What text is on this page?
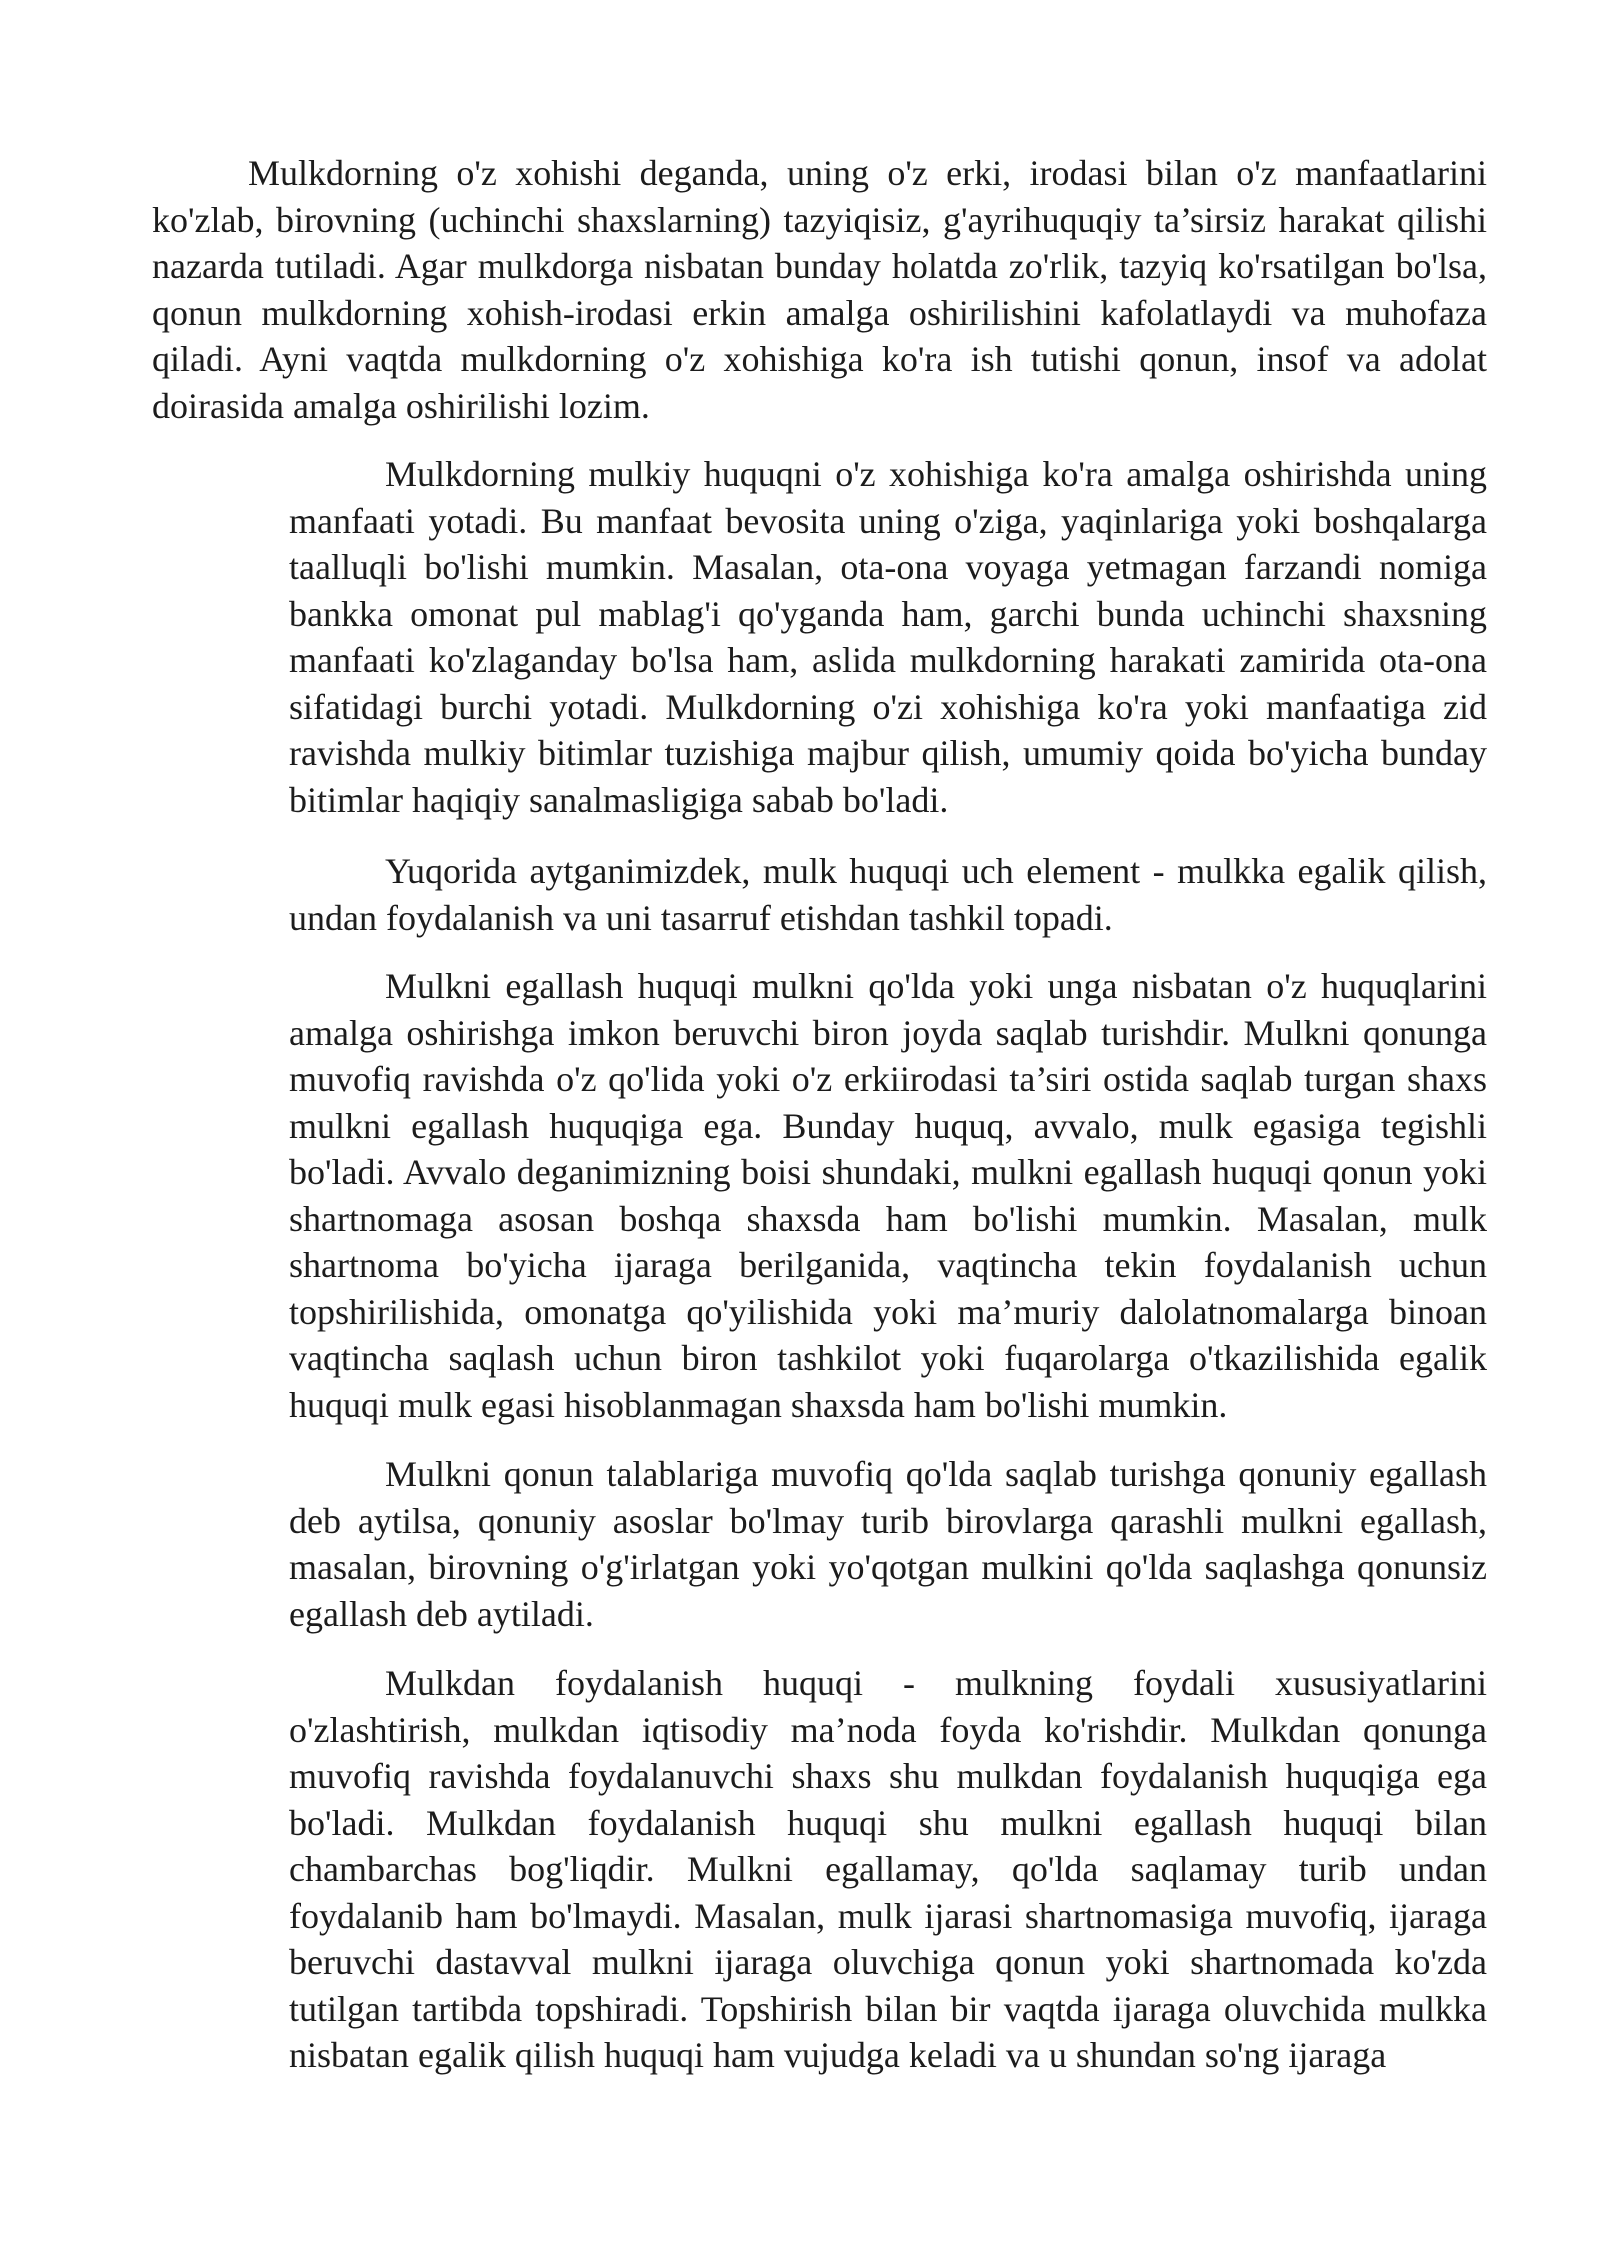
Mulkdorning o'z xohishi deganda, uning o'z erki, irodasi bilan o'z manfaatlarini ko'zlab, birovning (uchinchi shaxslarning) tazyiqisiz, g'ayrihuquqiy ta’sirsiz harakat qilishi nazarda tutiladi. Agar mulkdorga nisbatan bunday holatda zo'rlik, tazyiq ko'rsatilgan bo'lsa, qonun mulkdorning xohish-irodasi erkin amalga oshirilishini kafolatlaydi va muhofaza qiladi. Ayni vaqtda mulkdorning o'z xohishiga ko'ra ish tutishi qonun, insof va adolat doirasida amalga oshirilishi lozim.

Mulkdorning mulkiy huquqni o'z xohishiga ko'ra amalga oshirishda uning manfaati yotadi. Bu manfaat bevosita uning o'ziga, yaqinlariga yoki boshqalarga taalluqli bo'lishi mumkin. Masalan, ota-ona voyaga yetmagan farzandi nomiga bankka omonat pul mablag'i qo'yganda ham, garchi bunda uchinchi shaxsning manfaati ko'zlaganday bo'lsa ham, aslida mulkdorning harakati zamirida ota-ona sifatidagi burchi yotadi. Mulkdorning o'zi xohishiga ko'ra yoki manfaatiga zid ravishda mulkiy bitimlar tuzishiga majbur qilish, umumiy qoida bo'yicha bunday bitimlar haqiqiy sanalmasligiga sabab bo'ladi.

Yuqorida aytganimizdek, mulk huquqi uch element - mulkka egalik qilish, undan foydalanish va uni tasarruf etishdan tashkil topadi.

Mulkni egallash huquqi mulkni qo'lda yoki unga nisbatan o'z huquqlarini amalga oshirishga imkon beruvchi biron joyda saqlab turishdir. Mulkni qonunga muvofiq ravishda o'z qo'lida yoki o'z erkiirodasi ta’siri ostida saqlab turgan shaxs mulkni egallash huquqiga ega. Bunday huquq, avvalo, mulk egasiga tegishli bo'ladi. Avvalo deganimizning boisi shundaki, mulkni egallash huquqi qonun yoki shartnomaga asosan boshqa shaxsda ham bo'lishi mumkin. Masalan, mulk shartnoma bo'yicha ijaraga berilganida, vaqtincha tekin foydalanish uchun topshirilishida, omonatga qo'yilishida yoki ma’muriy dalolatnomalarga binoan vaqtincha saqlash uchun biron tashkilot yoki fuqarolarga o'tkazilishida egalik huquqi mulk egasi hisoblanmagan shaxsda ham bo'lishi mumkin.

Mulkni qonun talablariga muvofiq qo'lda saqlab turishga qonuniy egallash deb aytilsa, qonuniy asoslar bo'lmay turib birovlarga qarashli mulkni egallash, masalan, birovning o'g'irlatgan yoki yo'qotgan mulkini qo'lda saqlashga qonunsiz egallash deb aytiladi.

Mulkdan foydalanish huquqi - mulkning foydali xususiyatlarini o'zlashtirish, mulkdan iqtisodiy ma’noda foyda ko'rishdir. Mulkdan qonunga muvofiq ravishda foydalanuvchi shaxs shu mulkdan foydalanish huquqiga ega bo'ladi. Mulkdan foydalanish huquqi shu mulkni egallash huquqi bilan chambarchas bog'liqdir. Mulkni egallamay, qo'lda saqlamay turib undan foydalanib ham bo'lmaydi. Masalan, mulk ijarasi shartnomasiga muvofiq, ijaraga beruvchi dastavval mulkni ijaraga oluvchiga qonun yoki shartnomada ko'zda tutilgan tartibda topshiradi. Topshirish bilan bir vaqtda ijaraga oluvchida mulkka nisbatan egalik qilish huquqi ham vujudga keladi va u shundan so'ng ijaraga
